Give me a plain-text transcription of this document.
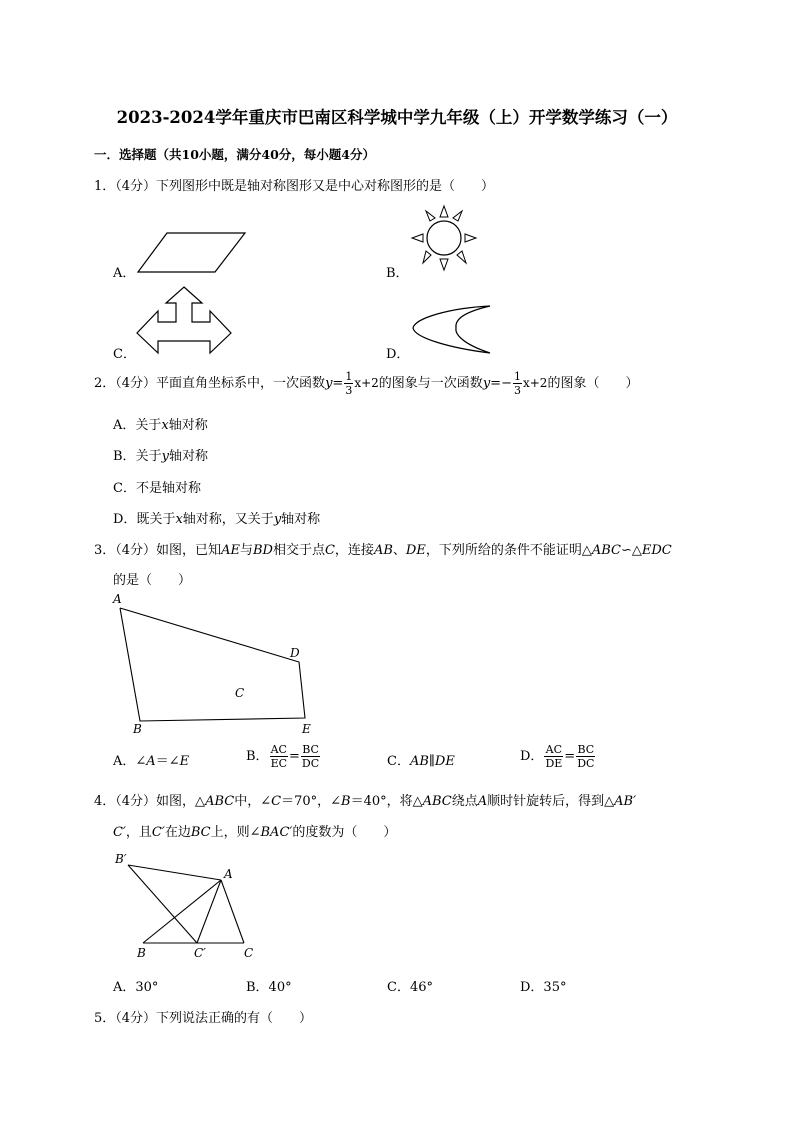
2023-2024学年重庆市巴南区科学城中学九年级（上）开学数学练习（一）
一．选择题（共10小题，满分40分，每小题4分）
1．（4分）下列图形中既是轴对称图形又是中心对称图形的是（　　）
A．	B．
C．	D．
2．（4分）平面直角坐标系中，一次函数$y= \frac{1}{3} x+2$的图象与一次函数$y=- \frac{1}{3} x+2$的图象（　　）
A．关于x轴对称
B．关于y轴对称
C．不是轴对称
D．既关于x轴对称，又关于y轴对称
3．（4分）如图，已知AE与BD相交于点C，连接AB、DE，下列所给的条件不能证明△ABC∽△EDC
的是（　　）
A
B
C
D
E
A．∠A＝∠E	B． $\frac{AC}{EC} = \frac{BC}{DC}$	C．AB∥DE	D． $\frac{AC}{DE} = \frac{BC}{DC}$
4．（4分）如图，△ABC中，∠C＝70°，∠B＝40°，将△ABC绕点A顺时针旋转后，得到△AB′
C′，且C′在边BC上，则∠BAC′的度数为（　　）
B′
A
B	C′	C
A．30°	B．40°	C．46°	D．35°
5．（4分）下列说法正确的有（　　）
